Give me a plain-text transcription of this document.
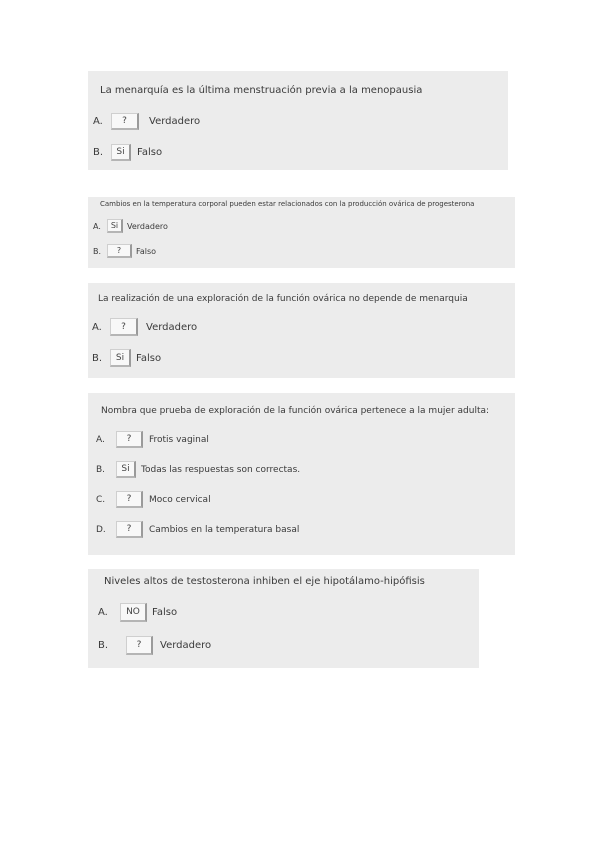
La menarquía es la última menstruación previa a la menopausia
A.	?	Verdadero
B.	Si	Falso
Cambios en la temperatura corporal pueden estar relacionados con la producción ovárica de progesterona
A.	Si	Verdadero
B.	?	Falso
La realización de una exploración de la función ovárica no depende de menarquia
A.	?	Verdadero
B.	Si	Falso
Nombra que prueba de exploración de la función ovárica pertenece a la mujer adulta:
A.	?	Frotis vaginal
B.	Si	Todas las respuestas son correctas.
C.	?	Moco cervical
D.	?	Cambios en la temperatura basal
Niveles altos de testosterona inhiben el eje hipotálamo-hipófisis
A.	NO	Falso
B.	?	Verdadero
